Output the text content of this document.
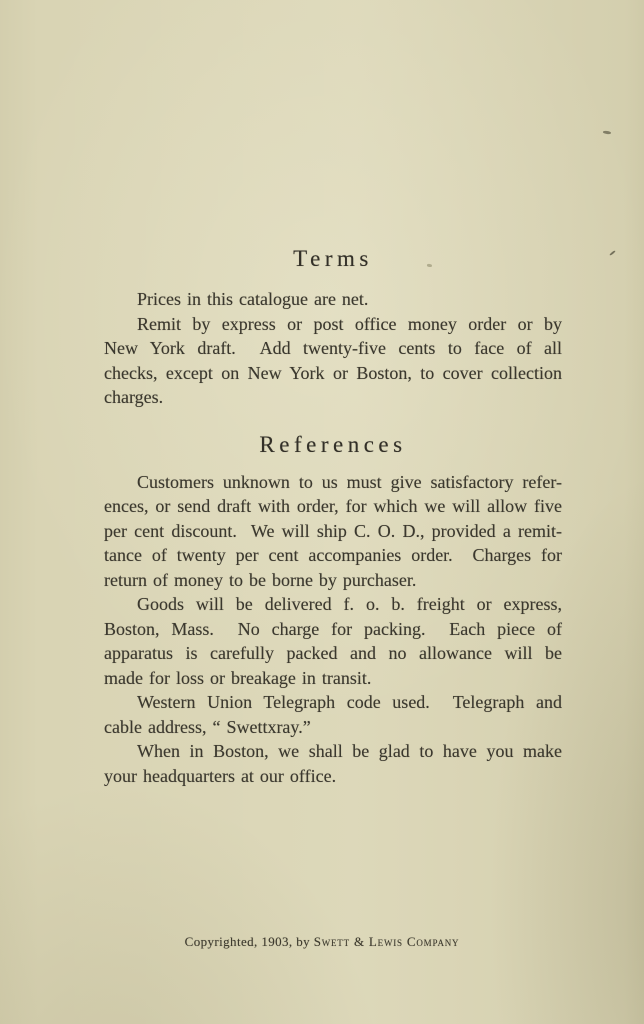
Terms
Prices in this catalogue are net.
Remit by express or post office money order or by
New York draft.  Add twenty-five cents to face of all
checks, except on New York or Boston, to cover collection
charges.
References
Customers unknown to us must give satisfactory refer-
ences, or send draft with order, for which we will allow five
per cent discount.  We will ship C. O. D., provided a remit-
tance of twenty per cent accompanies order.  Charges for
return of money to be borne by purchaser.
Goods will be delivered f. o. b. freight or express,
Boston, Mass.  No charge for packing.  Each piece of
apparatus is carefully packed and no allowance will be
made for loss or breakage in transit.
Western Union Telegraph code used.  Telegraph and
cable address, “ Swettxray.”
When in Boston, we shall be glad to have you make
your headquarters at our office.
Copyrighted, 1903, by Swett & Lewis Company
